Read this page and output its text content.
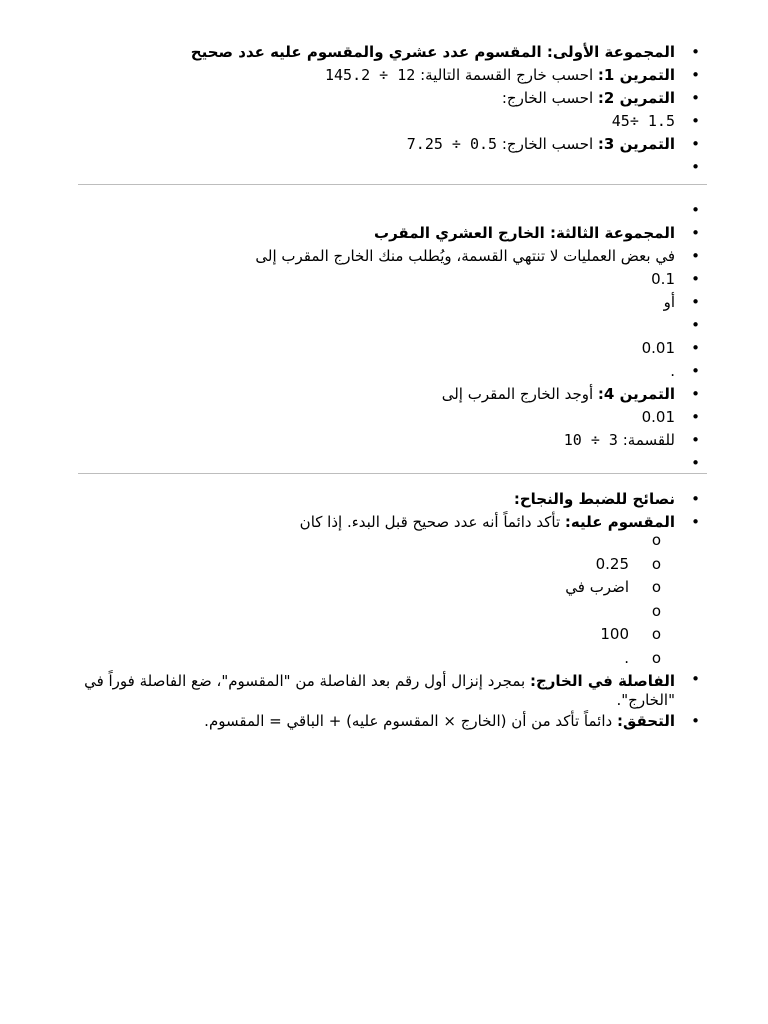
• المجموعة الأولى: المقسوم عدد عشري والمقسوم عليه عدد صحيح
• التمرين 1: احسب خارج القسمة التالية: 145.2 ÷ 12
• التمرين 2: احسب الخارج:
• 45÷ 1.5
• التمرين 3: احسب الخارج: 7.25 ÷ 0.5
•
•
• المجموعة الثالثة: الخارج العشري المقرب
• في بعض العمليات لا تنتهي القسمة، ويُطلب منك الخارج المقرب إلى
• 0.1
• أو
•
• 0.01
• .
• التمرين 4: أوجد الخارج المقرب إلى
• 0.01
• للقسمة: 10 ÷ 3
•
• نصائح للضبط والنجاح:
• المقسوم عليه: تأكد دائماً أنه عدد صحيح قبل البدء. إذا كان
o
o 0.25
o اضرب في
o
o 100
o .
• الفاصلة في الخارج: بمجرد إنزال أول رقم بعد الفاصلة من "المقسوم"، ضع الفاصلة فوراً في "الخارج".
• التحقق: دائماً تأكد من أن (الخارج × المقسوم عليه) + الباقي = المقسوم.
